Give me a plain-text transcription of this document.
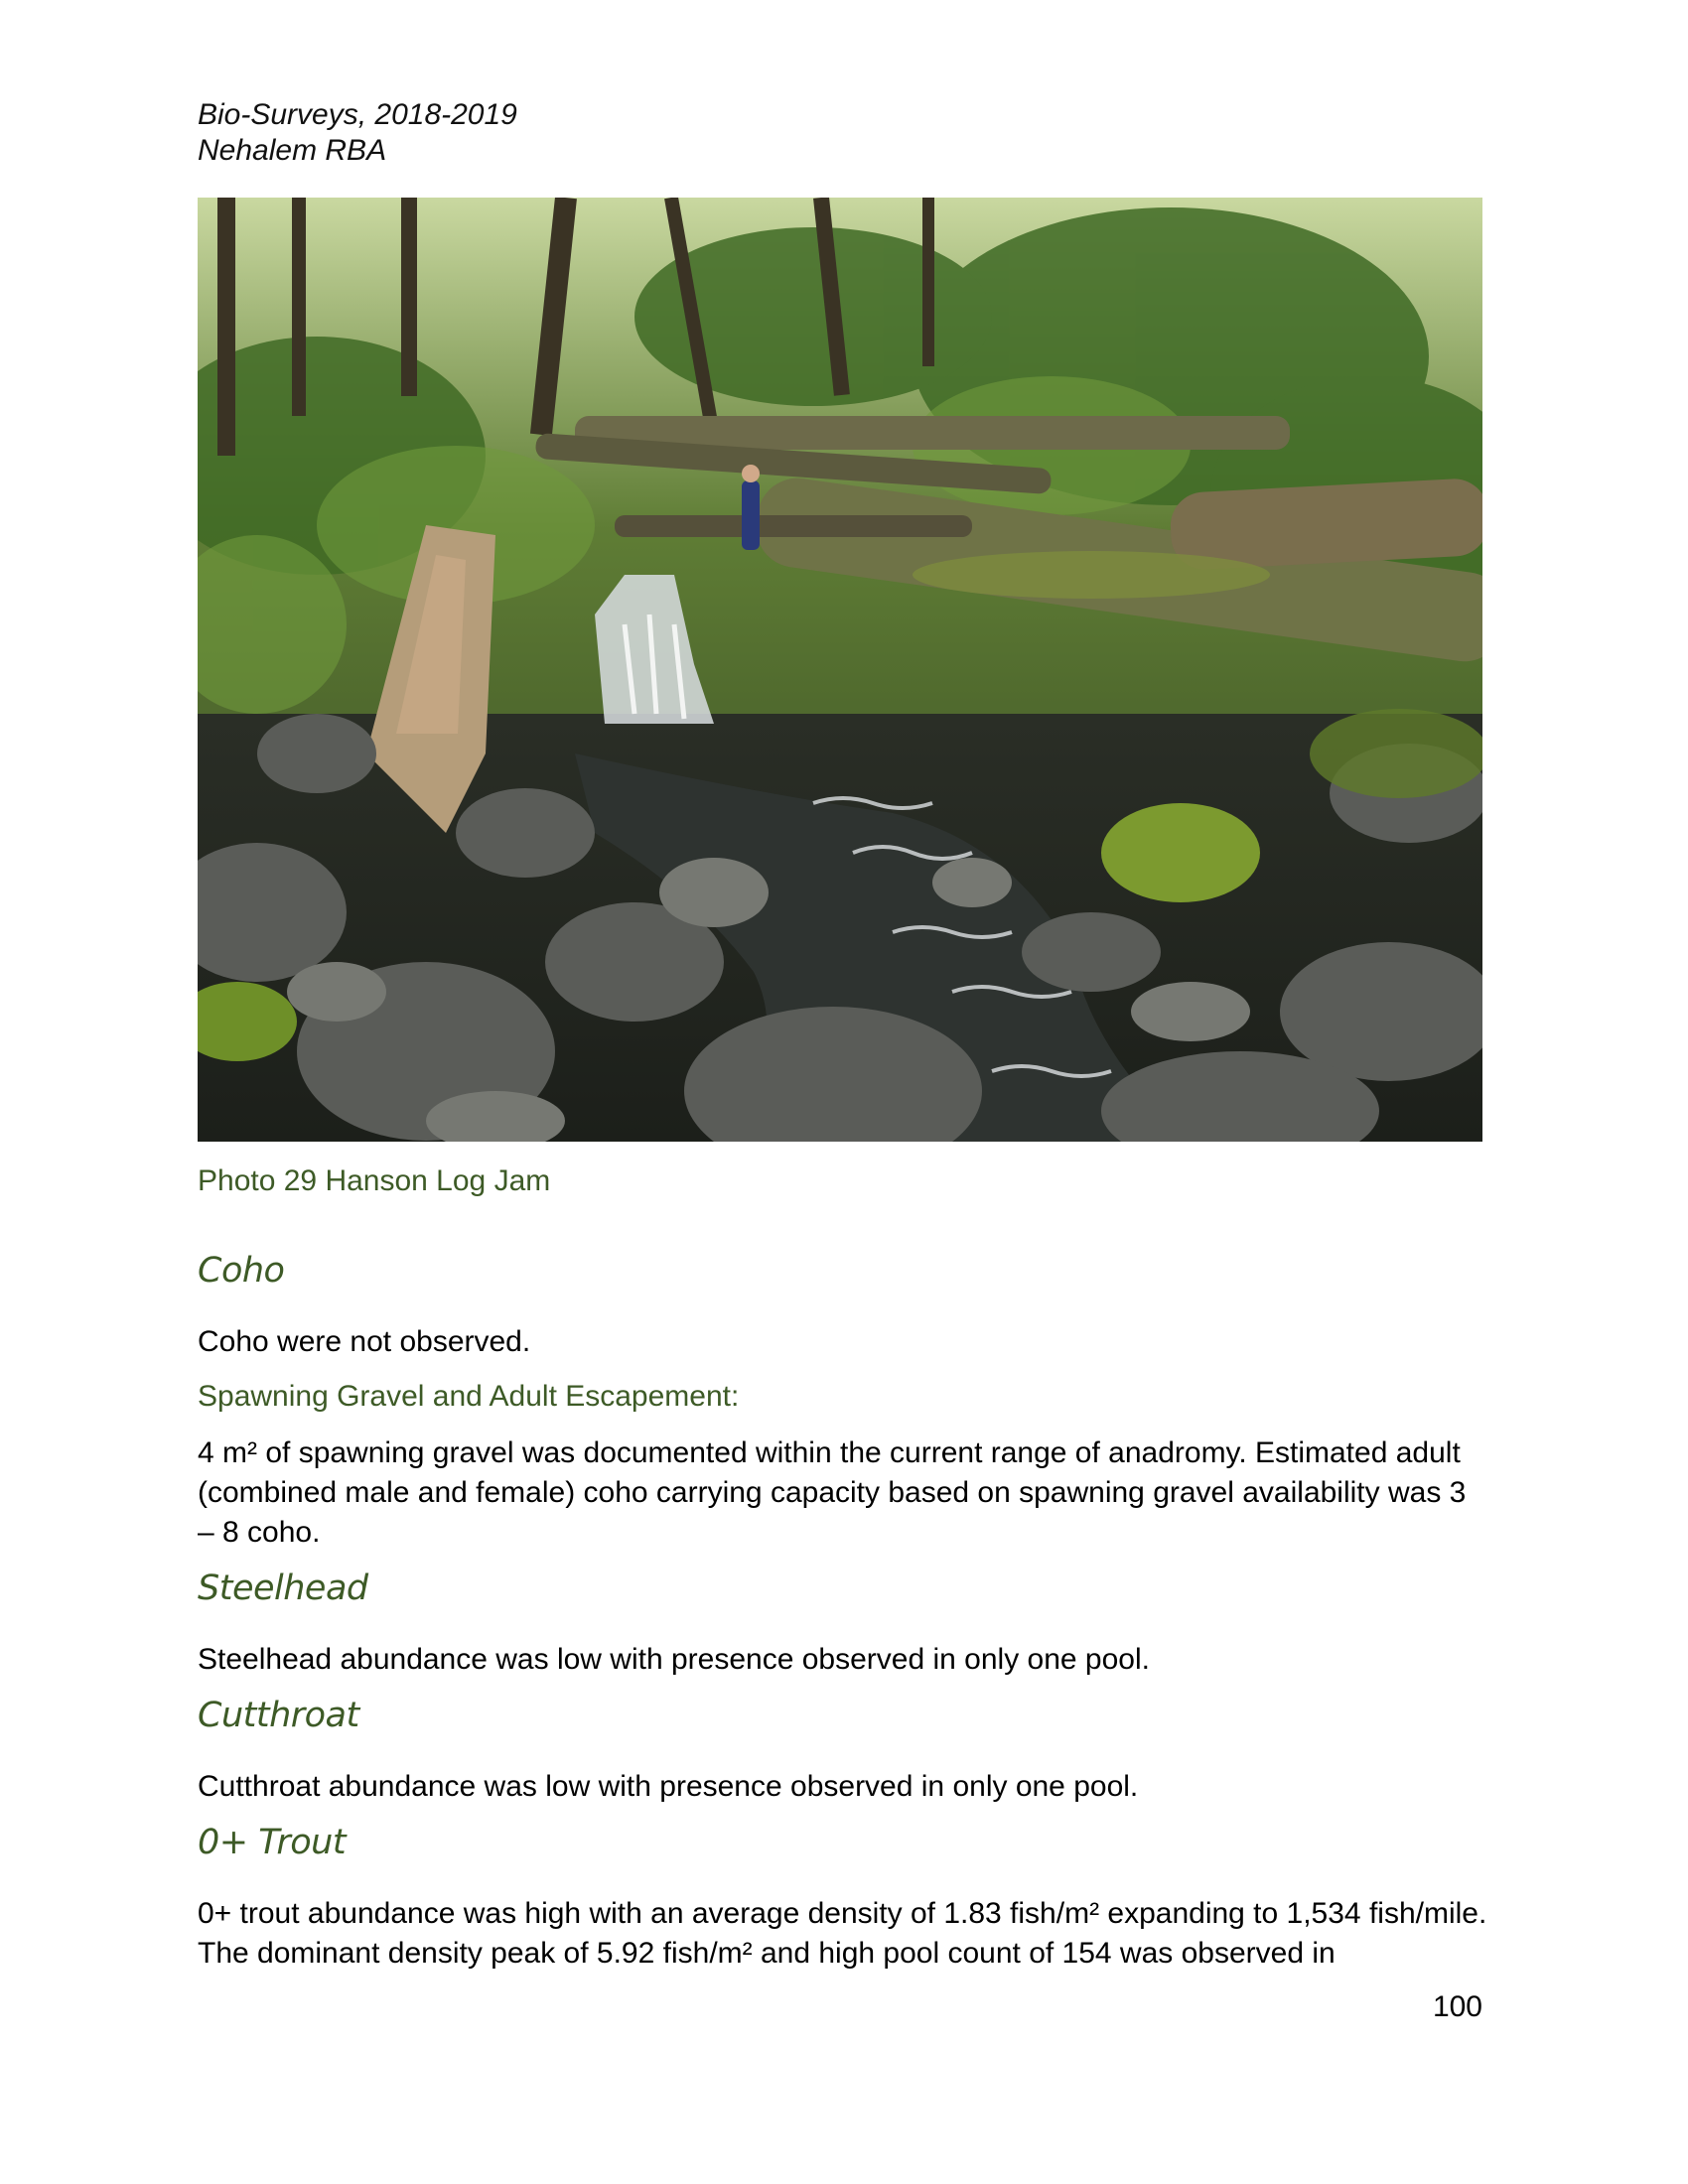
Bio-Surveys, 2018-2019
Nehalem RBA
Photo 29 Hanson Log Jam
Coho
Coho were not observed.
Spawning Gravel and Adult Escapement:
4 m² of spawning gravel was documented within the current range of anadromy. Estimated adult (combined male and female) coho carrying capacity based on spawning gravel availability was 3 – 8 coho.
Steelhead
Steelhead abundance was low with presence observed in only one pool.
Cutthroat
Cutthroat abundance was low with presence observed in only one pool.
0+ Trout
0+ trout abundance was high with an average density of 1.83 fish/m² expanding to 1,534 fish/mile. The dominant density peak of 5.92 fish/m² and high pool count of 154 was observed in
100
